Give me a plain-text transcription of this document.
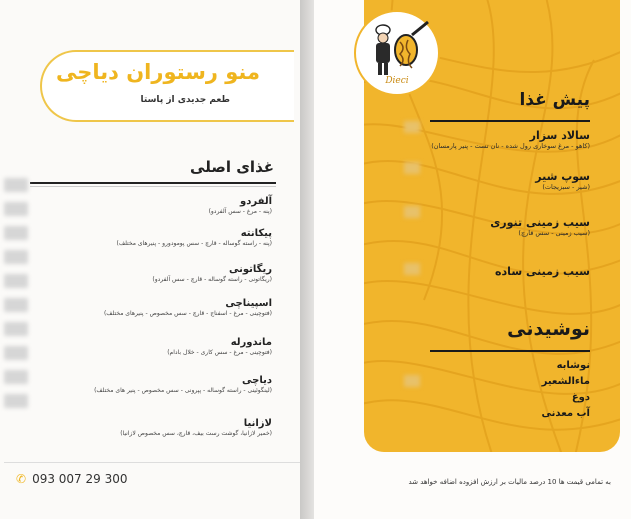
منو رستوران دیاچی
طعم جدیدی از پاستا
غذای اصلی
آلفردو
(پنه - مرغ - سس آلفردو)
پیکانته
(پنه - راسته گوساله - قارچ - سس پومودورو - پنیرهای مختلف)
ریگاتونی
(ریگاتونی - راسته گوساله - قارچ - سس آلفردو)
اسپیناچی
(فتوچینی - مرغ - اسفناج - قارچ - سس مخصوص - پنیرهای مختلف)
ماندورله
(فتوچینی - مرغ - سس کاری - خلال بادام)
دیاچی
(لینگوئینی - راسته گوساله - پپرونی - سس مخصوص - پنیر های مختلف)
لازانیا
(خمیر لازانیا، گوشت رست بیف، قارچ، سس مخصوص لازانیا)
✆ 093 007 29 300
پیش غذا
سالاد سزار
(کاهو - مرغ سوخاری رول شده - نان تست - پنیر پارمسان)
سوپ شیر
(شیر - سبزیجات)
سیب زمینی تنوری
(سیب زمینی - سس قارچ)
سیب زمینی ساده
نوشیدنی
نوشابه
ماءالشعیر
دوغ
آب معدنی
Dieci
به تمامی قیمت ها 10 درصد مالیات بر ارزش افزوده اضافه خواهد شد
